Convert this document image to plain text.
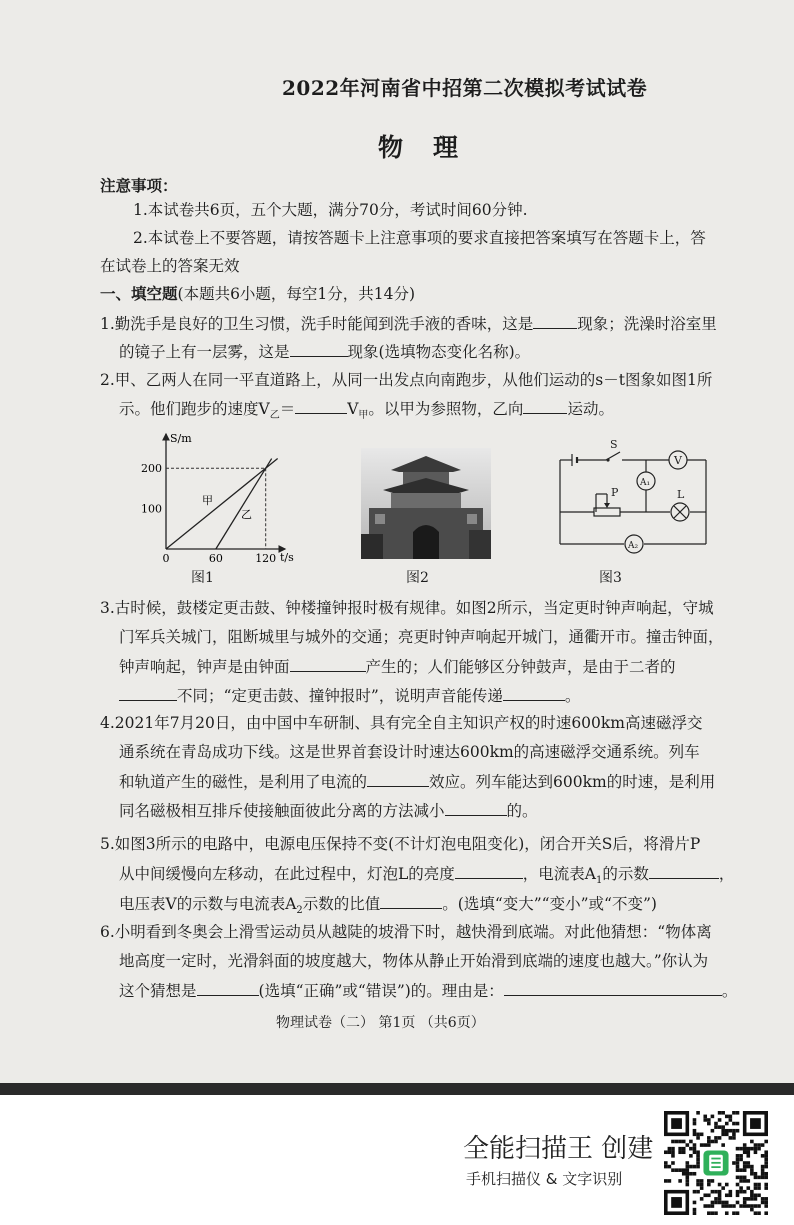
2022年河南省中招第二次模拟考试试卷
物理
注意事项：
1.本试卷共6页，五个大题，满分70分，考试时间60分钟.
2.本试卷上不要答题，请按答题卡上注意事项的要求直接把答案填写在答题卡上，答
在试卷上的答案无效
一、填空题(本题共6小题，每空1分，共14分)
1.勤洗手是良好的卫生习惯，洗手时能闻到洗手液的香味，这是	现象；洗澡时浴室里
的镜子上有一层雾，这是	现象(选填物态变化名称)。
2.甲、乙两人在同一平直道路上，从同一出发点向南跑步，从他们运动的s－t图象如图1所
示。他们跑步的速度$V_乙=$	$V_甲$。以甲为参照物，乙向	运动。
S/m
t/s
100
200
0	60	120
甲
乙
图1	图2
S
V
A₁
L
P
A₂
图3
3.古时候，鼓楼定更击鼓、钟楼撞钟报时极有规律。如图2所示，当定更时钟声响起，守城
门军兵关城门，阻断城里与城外的交通；亮更时钟声响起开城门，通衢开市。撞击钟面，
钟声响起，钟声是由钟面	产生的；人们能够区分钟鼓声，是由于二者的
不同；“定更击鼓、撞钟报时”，说明声音能传递	。
4.2021年7月20日，由中国中车研制、具有完全自主知识产权的时速600km高速磁浮交
通系统在青岛成功下线。这是世界首套设计时速达600km的高速磁浮交通系统。列车
和轨道产生的磁性，是利用了电流的	效应。列车能达到600km的时速，是利用
同名磁极相互排斥使接触面彼此分离的方法减小	的。
5.如图3所示的电路中，电源电压保持不变(不计灯泡电阻变化)，闭合开关S后，将滑片P
从中间缓慢向左移动，在此过程中，灯泡L的亮度	，电流表$A_1$的示数	，
电压表V的示数与电流表$A_2$示数的比值	。(选填“变大”“变小”或“不变”)
6.小明看到冬奥会上滑雪运动员从越陡的坡滑下时，越快滑到底端。对此他猜想：“物体离
地高度一定时，光滑斜面的坡度越大，物体从静止开始滑到底端的速度也越大。”你认为
这个猜想是	(选填“正确”或“错误”)的。理由是：	。
物理试卷（二） 第1页 （共6页）
全能扫描王 创建
手机扫描仪 & 文字识别
